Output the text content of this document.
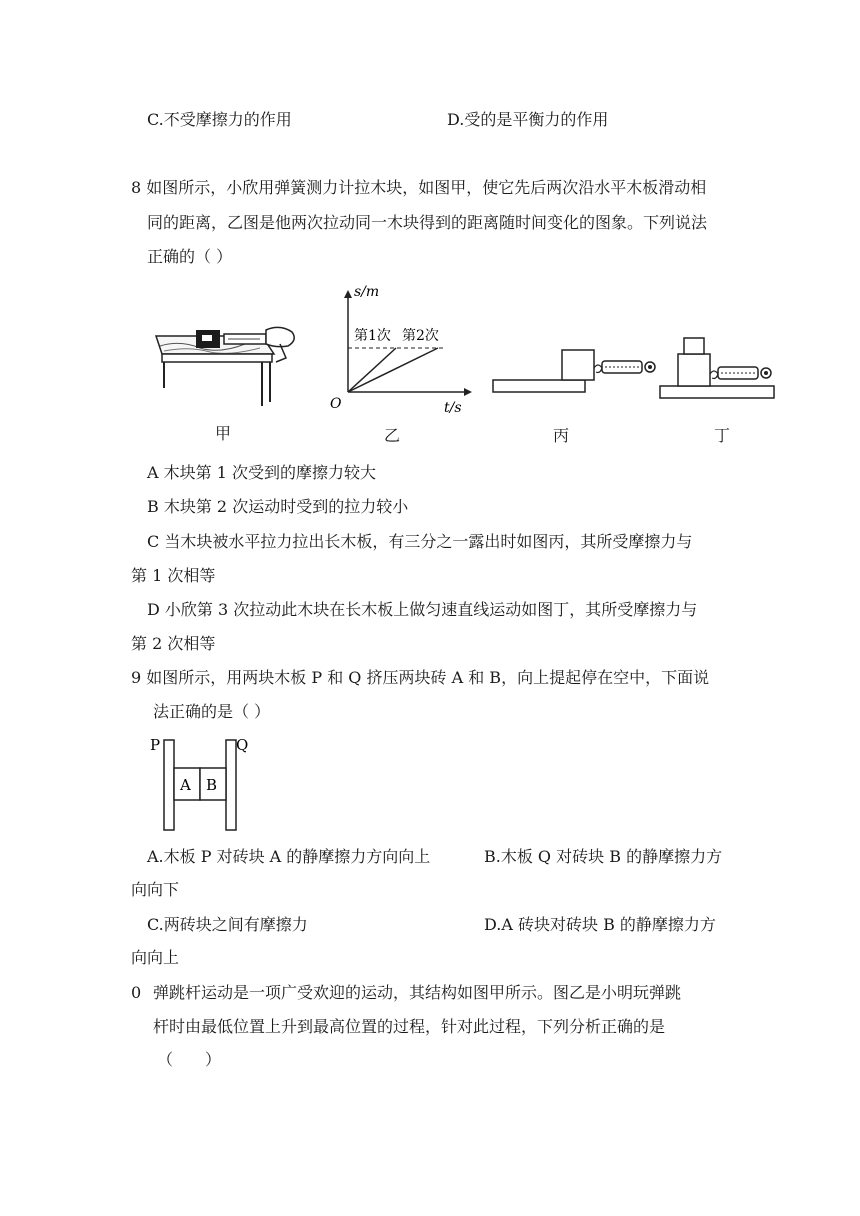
C.不受摩擦力的作用	D.受的是平衡力的作用
8 如图所示，小欣用弹簧测力计拉木块，如图甲，使它先后两次沿水平木板滑动相
同的距离，乙图是他两次拉动同一木块得到的距离随时间变化的图象。下列说法
正确的（ ）
甲
s/m
t/s
O
第1次 第2次
乙	丙	丁
A 木块第 1 次受到的摩擦力较大
B 木块第 2 次运动时受到的拉力较小
C 当木块被水平拉力拉出长木板，有三分之一露出时如图丙，其所受摩擦力与
第 1 次相等
D 小欣第 3 次拉动此木块在长木板上做匀速直线运动如图丁，其所受摩擦力与
第 2 次相等
9 如图所示，用两块木板 P 和 Q 挤压两块砖 A 和 B，向上提起停在空中，下面说
法正确的是（ ）
P	Q
A B
A.木板 P 对砖块 A 的静摩擦力方向向上	B.木板 Q 对砖块 B 的静摩擦力方
向向下
C.两砖块之间有摩擦力	D.A 砖块对砖块 B 的静摩擦力方
向向上
0 弹跳杆运动是一项广受欢迎的运动，其结构如图甲所示。图乙是小明玩弹跳
杆时由最低位置上升到最高位置的过程，针对此过程，下列分析正确的是
（　　）
